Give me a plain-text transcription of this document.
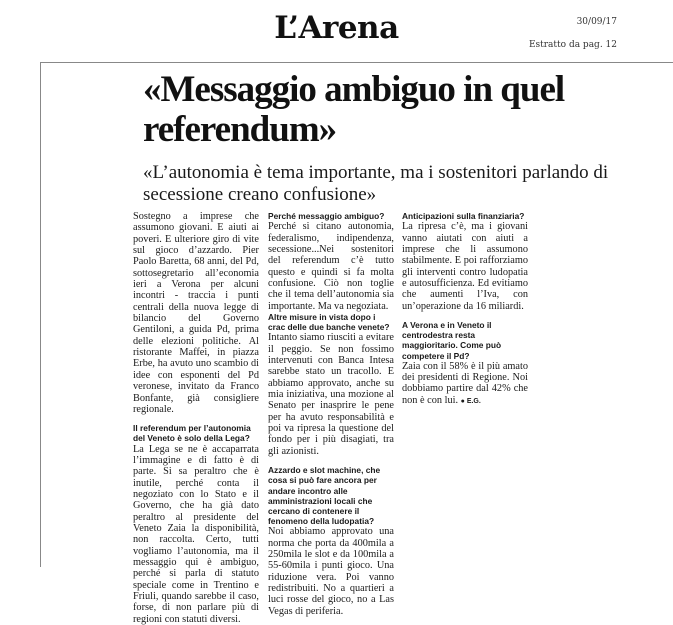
30/09/17
L’Arena	Estratto da pag. 12
«Messaggio ambiguo in quel referendum»
«L’autonomia è tema importante, ma i sostenitori parlando di secessione creano confusione»

Sostegno a imprese che assumono giovani. E aiuti ai poveri. E ulteriore giro di vite sul gioco d’azzardo. Pier Paolo Baretta, 68 anni, del Pd, sottosegretario all’economia ieri a Verona per alcuni incontri - traccia i punti centrali della nuova legge di bilancio del Governo Gentiloni, a guida Pd, prima delle elezioni politiche. Al ristorante Maffei, in piazza Erbe, ha avuto uno scambio di idee con esponenti del Pd veronese, invitato da Franco Bonfante, già consigliere regionale.

Il referendum per l’autonomia del Veneto è solo della Lega?

La Lega se ne è accaparrata l’immagine e di fatto è di parte. Si sa peraltro che è inutile, perché conta il negoziato con lo Stato e il Governo, che ha già dato peraltro al presidente del Veneto Zaia la disponibilità, non raccolta. Certo, tutti vogliamo l’autonomia, ma il messaggio qui è ambiguo, perché si parla di statuto speciale come in Trentino e Friuli, quando sarebbe il caso, forse, di non parlare più di regioni con statuti diversi.

Perché messaggio ambiguo?

Perché si citano autonomia, federalismo, indipendenza, secessione...Nei sostenitori del referendum c’è tutto questo e quindi si fa molta confusione. Ciò non toglie che il tema dell’autonomia sia importante. Ma va negoziata.

Altre misure in vista dopo i crac delle due banche venete?

Intanto siamo riusciti a evitare il peggio. Se non fossimo intervenuti con Banca Intesa sarebbe stato un tracollo. E abbiamo approvato, anche su mia iniziativa, una mozione al Senato per inasprire le pene per ha avuto responsabilità e poi va ripresa la questione del fondo per i più disagiati, tra gli azionisti.

Azzardo e slot machine, che cosa si può fare ancora per andare incontro alle amministrazioni locali che cercano di contenere il fenomeno della ludopatia?

Noi abbiamo approvato una norma che porta da 400mila a 250mila le slot e da 100mila a 55-60mila i punti gioco. Una riduzione vera. Poi vanno redistribuiti. No a quartieri a luci rosse del gioco, no a Las Vegas di periferia.

Anticipazioni sulla finanziaria?

La ripresa c’è, ma i giovani vanno aiutati con aiuti a imprese che li assumono stabilmente. E poi rafforziamo gli interventi contro ludopatia e autosufficienza. Ed evitiamo che aumenti l’Iva, con un’operazione da 16 miliardi.

A Verona e in Veneto il centrodestra resta maggioritario. Come può competere il Pd?

Zaia con il 58% è il più amato dei presidenti di Regione. Noi dobbiamo partire dal 42% che non è con lui. ● E.G.
